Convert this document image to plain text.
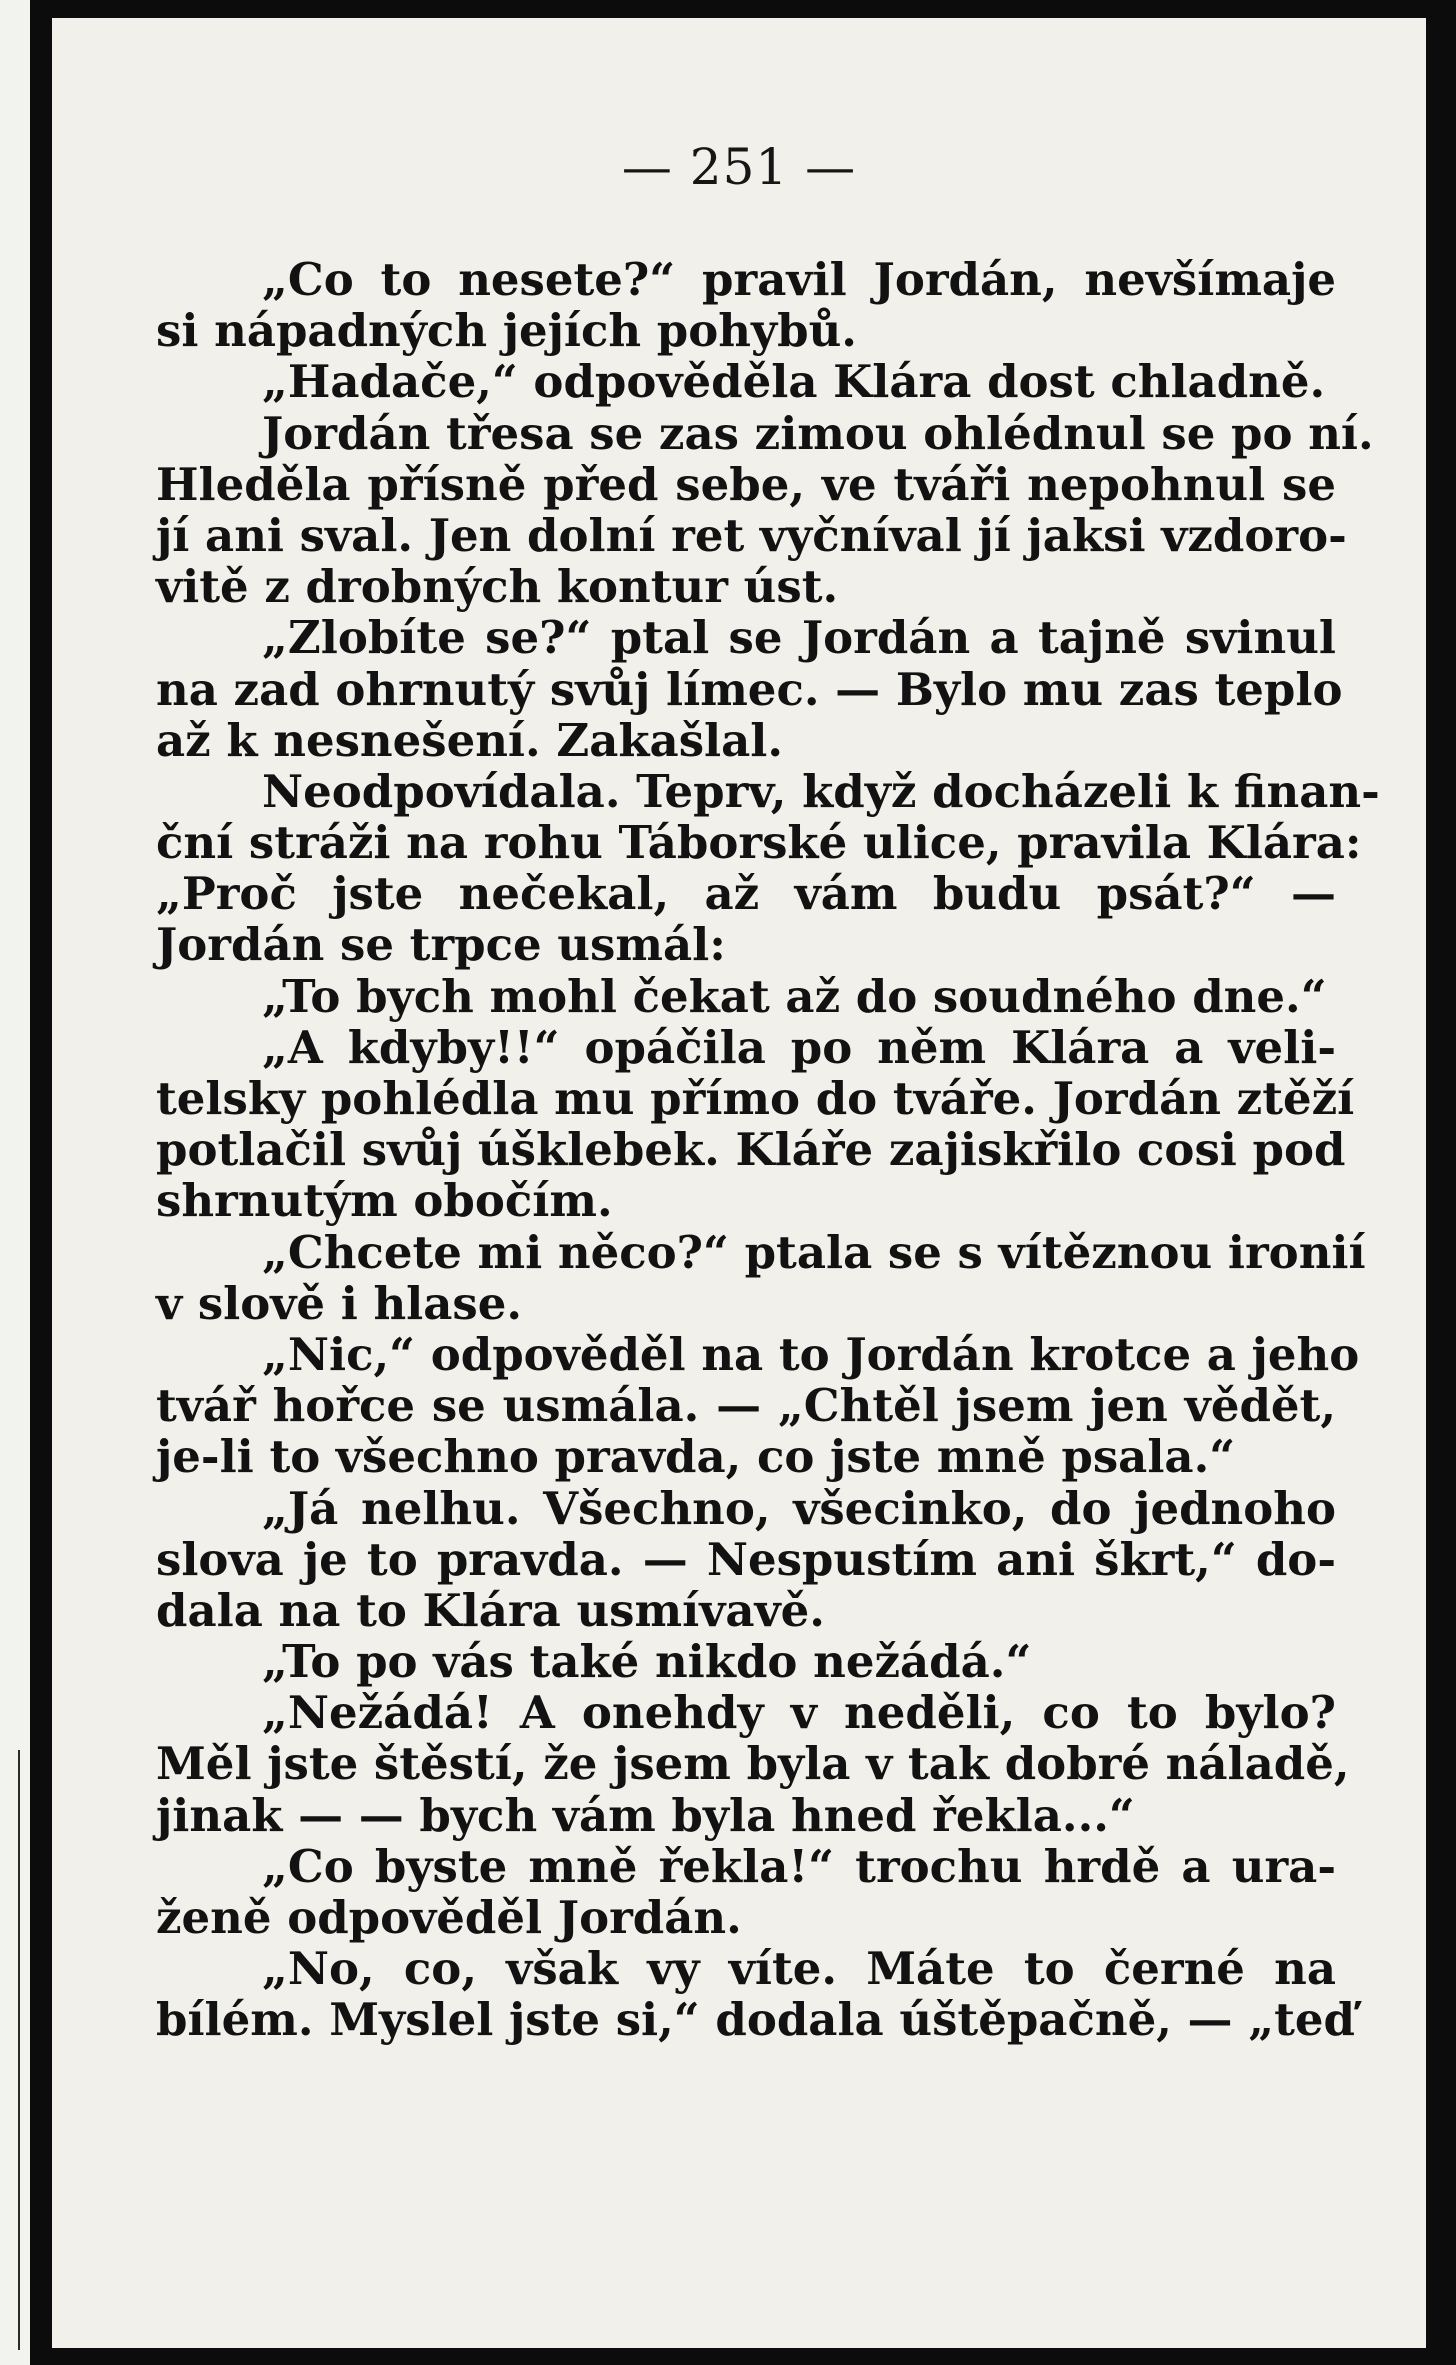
— 251 —
„Co to nesete?“ pravil Jordán, nevšímaje
si nápadných jejích pohybů.
„Hadače,“ odpověděla Klára dost chladně.
Jordán třesa se zas zimou ohlédnul se po ní.
Hleděla přísně před sebe, ve tváři nepohnul se
jí ani sval. Jen dolní ret vyčníval jí jaksi vzdoro-
vitě z drobných kontur úst.
„Zlobíte se?“ ptal se Jordán a tajně svinul
na zad ohrnutý svůj límec. — Bylo mu zas teplo
až k nesnešení. Zakašlal.
Neodpovídala. Teprv, když docházeli k finan-
ční stráži na rohu Táborské ulice, pravila Klára:
„Proč jste nečekal, až vám budu psát?“ —
Jordán se trpce usmál:
„To bych mohl čekat až do soudného dne.“
„A kdyby!!“ opáčila po něm Klára a veli-
telsky pohlédla mu přímo do tváře. Jordán ztěží
potlačil svůj úšklebek. Kláře zajiskřilo cosi pod
shrnutým obočím.
„Chcete mi něco?“ ptala se s vítěznou ironií
v slově i hlase.
„Nic,“ odpověděl na to Jordán krotce a jeho
tvář hořce se usmála. — „Chtěl jsem jen vědět,
je-li to všechno pravda, co jste mně psala.“
„Já nelhu. Všechno, všecinko, do jednoho
slova je to pravda. — Nespustím ani škrt,“ do-
dala na to Klára usmívavě.
„To po vás také nikdo nežádá.“
„Nežádá! A onehdy v neděli, co to bylo?
Měl jste štěstí, že jsem byla v tak dobré náladě,
jinak — — bych vám byla hned řekla...“
„Co byste mně řekla!“ trochu hrdě a ura-
ženě odpověděl Jordán.
„No, co, však vy víte. Máte to černé na
bílém. Myslel jste si,“ dodala úštěpačně, — „teď
